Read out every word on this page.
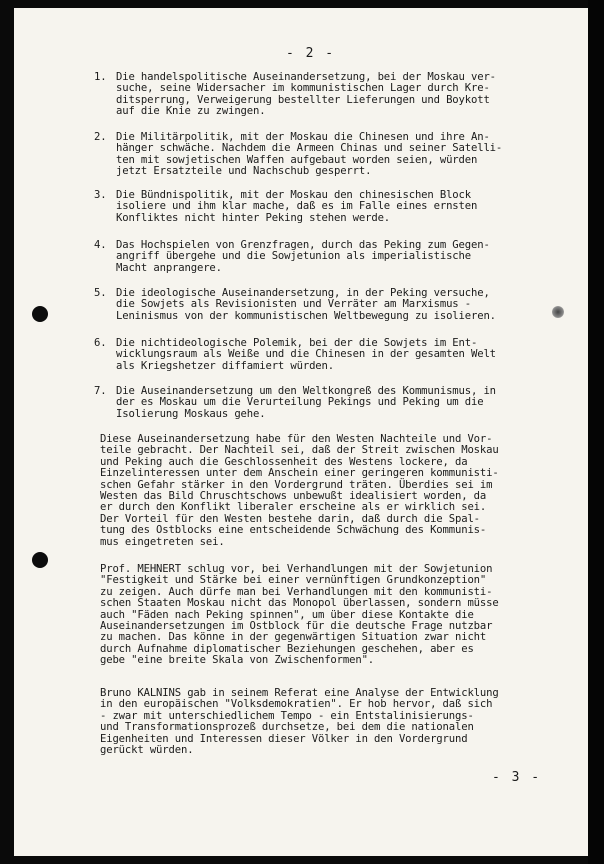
- 2 -
1. Die handelspolitische Auseinandersetzung, bei der Moskau ver-
suche, seine Widersacher im kommunistischen Lager durch Kre-
ditsperrung, Verweigerung bestellter Lieferungen und Boykott
auf die Knie zu zwingen.
2. Die Militärpolitik, mit der Moskau die Chinesen und ihre An-
hänger schwäche. Nachdem die Armeen Chinas und seiner Satelli-
ten mit sowjetischen Waffen aufgebaut worden seien, würden
jetzt Ersatzteile und Nachschub gesperrt.
3. Die Bündnispolitik, mit der Moskau den chinesischen Block
isoliere und ihm klar mache, daß es im Falle eines ernsten
Konfliktes nicht hinter Peking stehen werde.
4. Das Hochspielen von Grenzfragen, durch das Peking zum Gegen-
angriff übergehe und die Sowjetunion als imperialistische
Macht anprangere.
5. Die ideologische Auseinandersetzung, in der Peking versuche,
die Sowjets als Revisionisten und Verräter am Marxismus -
Leninismus von der kommunistischen Weltbewegung zu isolieren.
6. Die nichtideologische Polemik, bei der die Sowjets im Ent-
wicklungsraum als Weiße und die Chinesen in der gesamten Welt
als Kriegshetzer diffamiert würden.
7. Die Auseinandersetzung um den Weltkongreß des Kommunismus, in
der es Moskau um die Verurteilung Pekings und Peking um die
Isolierung Moskaus gehe.
Diese Auseinandersetzung habe für den Westen Nachteile und Vor-
teile gebracht. Der Nachteil sei, daß der Streit zwischen Moskau
und Peking auch die Geschlossenheit des Westens lockere, da
Einzelinteressen unter dem Anschein einer geringeren kommunisti-
schen Gefahr stärker in den Vordergrund träten. Überdies sei im
Westen das Bild Chruschtschows unbewußt idealisiert worden, da
er durch den Konflikt liberaler erscheine als er wirklich sei.
Der Vorteil für den Westen bestehe darin, daß durch die Spal-
tung des Ostblocks eine entscheidende Schwächung des Kommunis-
mus eingetreten sei.
Prof. MEHNERT schlug vor, bei Verhandlungen mit der Sowjetunion
"Festigkeit und Stärke bei einer vernünftigen Grundkonzeption"
zu zeigen. Auch dürfe man bei Verhandlungen mit den kommunisti-
schen Staaten Moskau nicht das Monopol überlassen, sondern müsse
auch "Fäden nach Peking spinnen", um über diese Kontakte die
Auseinandersetzungen im Ostblock für die deutsche Frage nutzbar
zu machen. Das könne in der gegenwärtigen Situation zwar nicht
durch Aufnahme diplomatischer Beziehungen geschehen, aber es
gebe "eine breite Skala von Zwischenformen".
Bruno KALNINS gab in seinem Referat eine Analyse der Entwicklung
in den europäischen "Volksdemokratien". Er hob hervor, daß sich
- zwar mit unterschiedlichem Tempo - ein Entstalinisierungs-
und Transformationsprozeß durchsetze, bei dem die nationalen
Eigenheiten und Interessen dieser Völker in den Vordergrund
gerückt würden.
- 3 -
